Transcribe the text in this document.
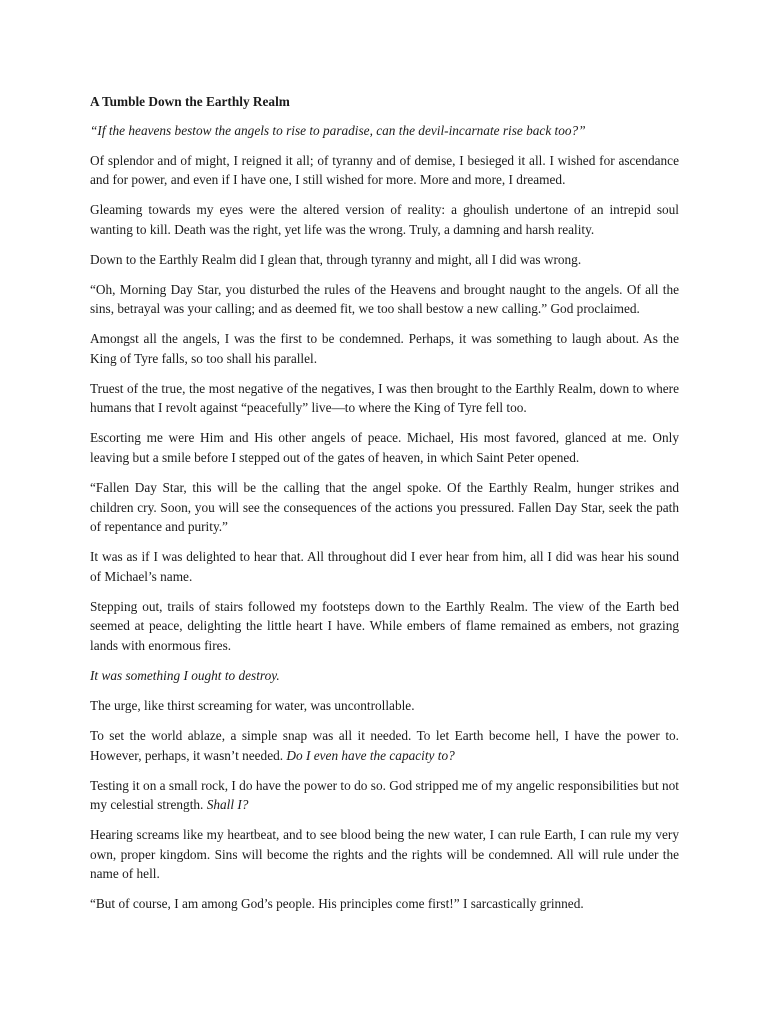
A Tumble Down the Earthly Realm

“If the heavens bestow the angels to rise to paradise, can the devil-incarnate rise back too?”

Of splendor and of might, I reigned it all; of tyranny and of demise, I besieged it all. I wished for ascendance and for power, and even if I have one, I still wished for more. More and more, I dreamed.

Gleaming towards my eyes were the altered version of reality: a ghoulish undertone of an intrepid soul wanting to kill. Death was the right, yet life was the wrong. Truly, a damning and harsh reality.

Down to the Earthly Realm did I glean that, through tyranny and might, all I did was wrong.

“Oh, Morning Day Star, you disturbed the rules of the Heavens and brought naught to the angels. Of all the sins, betrayal was your calling; and as deemed fit, we too shall bestow a new calling.” God proclaimed.

Amongst all the angels, I was the first to be condemned. Perhaps, it was something to laugh about. As the King of Tyre falls, so too shall his parallel.

Truest of the true, the most negative of the negatives, I was then brought to the Earthly Realm, down to where humans that I revolt against “peacefully” live—to where the King of Tyre fell too.

Escorting me were Him and His other angels of peace. Michael, His most favored, glanced at me. Only leaving but a smile before I stepped out of the gates of heaven, in which Saint Peter opened.

“Fallen Day Star, this will be the calling that the angel spoke. Of the Earthly Realm, hunger strikes and children cry. Soon, you will see the consequences of the actions you pressured. Fallen Day Star, seek the path of repentance and purity.”

It was as if I was delighted to hear that. All throughout did I ever hear from him, all I did was hear his sound of Michael’s name.

Stepping out, trails of stairs followed my footsteps down to the Earthly Realm. The view of the Earth bed seemed at peace, delighting the little heart I have. While embers of flame remained as embers, not grazing lands with enormous fires.

It was something I ought to destroy.

The urge, like thirst screaming for water, was uncontrollable.

To set the world ablaze, a simple snap was all it needed. To let Earth become hell, I have the power to. However, perhaps, it wasn’t needed. Do I even have the capacity to?

Testing it on a small rock, I do have the power to do so. God stripped me of my angelic responsibilities but not my celestial strength. Shall I?

Hearing screams like my heartbeat, and to see blood being the new water, I can rule Earth, I can rule my very own, proper kingdom. Sins will become the rights and the rights will be condemned. All will rule under the name of hell.

“But of course, I am among God’s people. His principles come first!” I sarcastically grinned.
